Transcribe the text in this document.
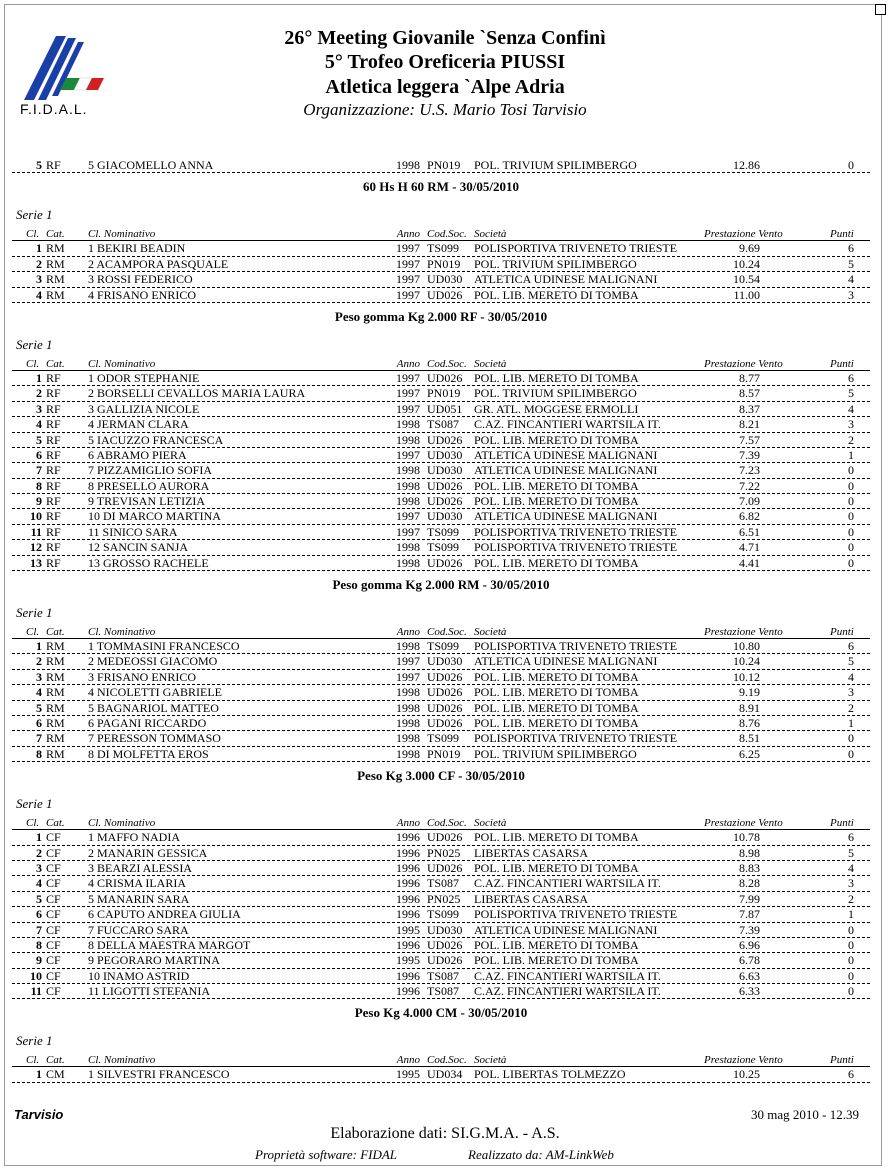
F.I.D.A.L.
26° Meeting Giovanile `Senza Confinì
5° Trofeo Oreficeria PIUSSI
Atletica leggera `Alpe Adria
Organizzazione: U.S. Mario Tosi Tarvisio
5 RF 5 GIACOMELLO ANNA	1998 PN019 POL. TRIVIUM SPILIMBERGO	12.86	0
60 Hs H 60 RM - 30/05/2010
Serie 1
Cl. Cat. Cl. Nominativo	Anno Cod.Soc. Società	Prestazione Vento	Punti
1 RM 1 BEKIRI BEADIN	1997 TS099 POLISPORTIVA TRIVENETO TRIESTE	9.69	6
2 RM 2 ACAMPORA PASQUALE	1997 PN019 POL. TRIVIUM SPILIMBERGO	10.24	5
3 RM 3 ROSSI FEDERICO	1997 UD030 ATLETICA UDINESE MALIGNANI	10.54	4
4 RM 4 FRISANO ENRICO	1997 UD026 POL. LIB. MERETO DI TOMBA	11.00	3
Peso gomma Kg 2.000 RF - 30/05/2010
Serie 1
Cl. Cat. Cl. Nominativo	Anno Cod.Soc. Società	Prestazione Vento	Punti
1 RF 1 ODOR STEPHANIE	1997 UD026 POL. LIB. MERETO DI TOMBA	8.77	6
2 RF 2 BORSELLI CEVALLOS MARIA LAURA	1997 PN019 POL. TRIVIUM SPILIMBERGO	8.57	5
3 RF 3 GALLIZIA NICOLE	1997 UD051 GR. ATL. MOGGESE ERMOLLI	8.37	4
4 RF 4 JERMAN CLARA	1998 TS087 C.AZ. FINCANTIERI WARTSILA IT.	8.21	3
5 RF 5 IACUZZO FRANCESCA	1998 UD026 POL. LIB. MERETO DI TOMBA	7.57	2
6 RF 6 ABRAMO PIERA	1997 UD030 ATLETICA UDINESE MALIGNANI	7.39	1
7 RF 7 PIZZAMIGLIO SOFIA	1998 UD030 ATLETICA UDINESE MALIGNANI	7.23	0
8 RF 8 PRESELLO AURORA	1998 UD026 POL. LIB. MERETO DI TOMBA	7.22	0
9 RF 9 TREVISAN LETIZIA	1998 UD026 POL. LIB. MERETO DI TOMBA	7.09	0
10 RF 10 DI MARCO MARTINA	1997 UD030 ATLETICA UDINESE MALIGNANI	6.82	0
11 RF 11 SINICO SARA	1997 TS099 POLISPORTIVA TRIVENETO TRIESTE	6.51	0
12 RF 12 SANCIN SANJA	1998 TS099 POLISPORTIVA TRIVENETO TRIESTE	4.71	0
13 RF 13 GROSSO RACHELE	1998 UD026 POL. LIB. MERETO DI TOMBA	4.41	0
Peso gomma Kg 2.000 RM - 30/05/2010
Serie 1
Cl. Cat. Cl. Nominativo	Anno Cod.Soc. Società	Prestazione Vento	Punti
1 RM 1 TOMMASINI FRANCESCO	1998 TS099 POLISPORTIVA TRIVENETO TRIESTE	10.80	6
2 RM 2 MEDEOSSI GIACOMO	1997 UD030 ATLETICA UDINESE MALIGNANI	10.24	5
3 RM 3 FRISANO ENRICO	1997 UD026 POL. LIB. MERETO DI TOMBA	10.12	4
4 RM 4 NICOLETTI GABRIELE	1998 UD026 POL. LIB. MERETO DI TOMBA	9.19	3
5 RM 5 BAGNARIOL MATTEO	1998 UD026 POL. LIB. MERETO DI TOMBA	8.91	2
6 RM 6 PAGANI RICCARDO	1998 UD026 POL. LIB. MERETO DI TOMBA	8.76	1
7 RM 7 PERESSON TOMMASO	1998 TS099 POLISPORTIVA TRIVENETO TRIESTE	8.51	0
8 RM 8 DI MOLFETTA EROS	1998 PN019 POL. TRIVIUM SPILIMBERGO	6.25	0
Peso Kg 3.000 CF - 30/05/2010
Serie 1
Cl. Cat. Cl. Nominativo	Anno Cod.Soc. Società	Prestazione Vento	Punti
1 CF 1 MAFFO NADIA	1996 UD026 POL. LIB. MERETO DI TOMBA	10.78	6
2 CF 2 MANARIN GESSICA	1996 PN025 LIBERTAS CASARSA	8.98	5
3 CF 3 BEARZI ALESSIA	1996 UD026 POL. LIB. MERETO DI TOMBA	8.83	4
4 CF 4 CRISMA ILARIA	1996 TS087 C.AZ. FINCANTIERI WARTSILA IT.	8.28	3
5 CF 5 MANARIN SARA	1996 PN025 LIBERTAS CASARSA	7.99	2
6 CF 6 CAPUTO ANDREA GIULIA	1996 TS099 POLISPORTIVA TRIVENETO TRIESTE	7.87	1
7 CF 7 FUCCARO SARA	1995 UD030 ATLETICA UDINESE MALIGNANI	7.39	0
8 CF 8 DELLA MAESTRA MARGOT	1996 UD026 POL. LIB. MERETO DI TOMBA	6.96	0
9 CF 9 PEGORARO MARTINA	1995 UD026 POL. LIB. MERETO DI TOMBA	6.78	0
10 CF 10 INAMO ASTRID	1996 TS087 C.AZ. FINCANTIERI WARTSILA IT.	6.63	0
11 CF 11 LIGOTTI STEFANIA	1996 TS087 C.AZ. FINCANTIERI WARTSILA IT.	6.33	0
Peso Kg 4.000 CM - 30/05/2010
Serie 1
Cl. Cat. Cl. Nominativo	Anno Cod.Soc. Società	Prestazione Vento	Punti
1 CM 1 SILVESTRI FRANCESCO	1995 UD034 POL. LIBERTAS TOLMEZZO	10.25	6
Tarvisio	30 mag 2010 - 12.39
Elaborazione dati: SI.G.M.A. - A.S.
Proprietà software: FIDAL	Realizzato da: AM-LinkWeb
